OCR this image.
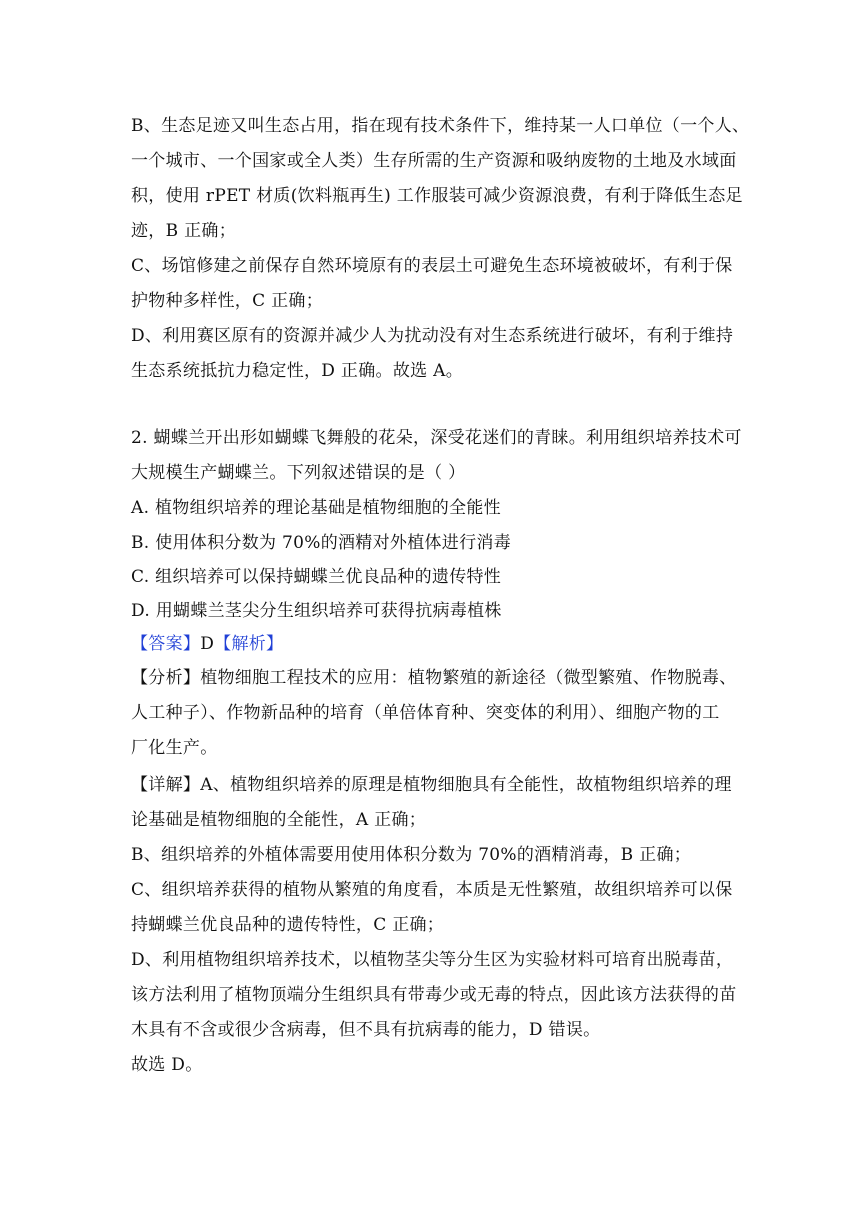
B、生态足迹又叫生态占用，指在现有技术条件下，维持某一人口单位（一个人、
一个城市、一个国家或全人类）生存所需的生产资源和吸纳废物的土地及水域面
积，使用 rPET 材质(饮料瓶再生) 工作服装可减少资源浪费，有利于降低生态足
迹，B 正确；
C、场馆修建之前保存自然环境原有的表层土可避免生态环境被破坏，有利于保
护物种多样性，C 正确；
D、利用赛区原有的资源并减少人为扰动没有对生态系统进行破坏，有利于维持
生态系统抵抗力稳定性，D 正确。故选 A。
2. 蝴蝶兰开出形如蝴蝶飞舞般的花朵，深受花迷们的青睐。利用组织培养技术可
大规模生产蝴蝶兰。下列叙述错误的是（ ）
A. 植物组织培养的理论基础是植物细胞的全能性
B. 使用体积分数为 70%的酒精对外植体进行消毒
C. 组织培养可以保持蝴蝶兰优良品种的遗传特性
D. 用蝴蝶兰茎尖分生组织培养可获得抗病毒植株
【答案】D【解析】
【分析】植物细胞工程技术的应用：植物繁殖的新途径（微型繁殖、作物脱毒、
人工种子）、作物新品种的培育（单倍体育种、突变体的利用）、细胞产物的工
厂化生产。
【详解】A、植物组织培养的原理是植物细胞具有全能性，故植物组织培养的理
论基础是植物细胞的全能性，A 正确；
B、组织培养的外植体需要用使用体积分数为 70%的酒精消毒，B 正确；
C、组织培养获得的植物从繁殖的角度看，本质是无性繁殖，故组织培养可以保
持蝴蝶兰优良品种的遗传特性，C 正确；
D、利用植物组织培养技术，以植物茎尖等分生区为实验材料可培育出脱毒苗，
该方法利用了植物顶端分生组织具有带毒少或无毒的特点，因此该方法获得的苗
木具有不含或很少含病毒，但不具有抗病毒的能力，D 错误。
故选 D。
